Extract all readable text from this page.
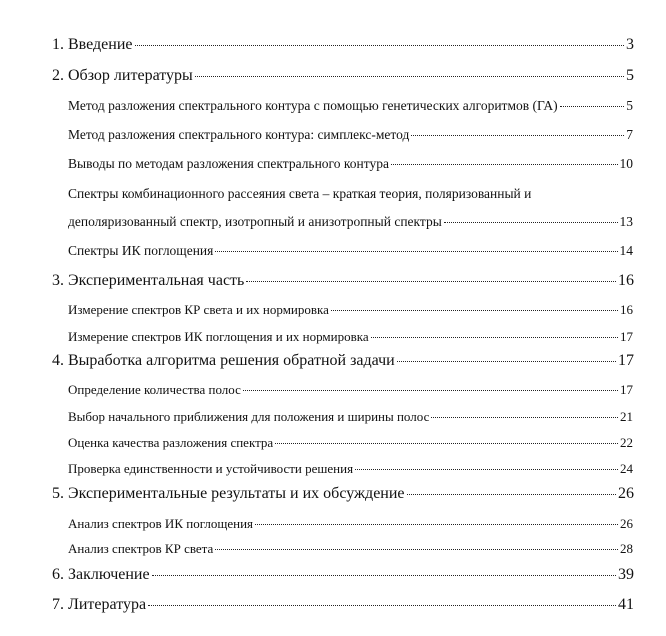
1. Введение	3
2. Обзор литературы	5
Метод разложения спектрального контура с помощью генетических алгоритмов (ГА)	5
Метод разложения спектрального контура: симплекс-метод	7
Выводы по методам разложения спектрального контура	10
Спектры комбинационного рассеяния света – краткая теория, поляризованный и
деполяризованный спектр, изотропный и анизотропный спектры	13
Спектры ИК поглощения	14
3. Экспериментальная часть	16
Измерение спектров КР света и их нормировка	16
Измерение спектров ИК поглощения и их нормировка	17
4. Выработка алгоритма решения обратной задачи	17
Определение количества полос	17
Выбор начального приближения для положения и ширины полос	21
Оценка качества разложения спектра	22
Проверка единственности и устойчивости решения	24
5. Экспериментальные результаты и их обсуждение	26
Анализ спектров ИК поглощения	26
Анализ спектров КР света	28
6. Заключение	39
7. Литература	41
